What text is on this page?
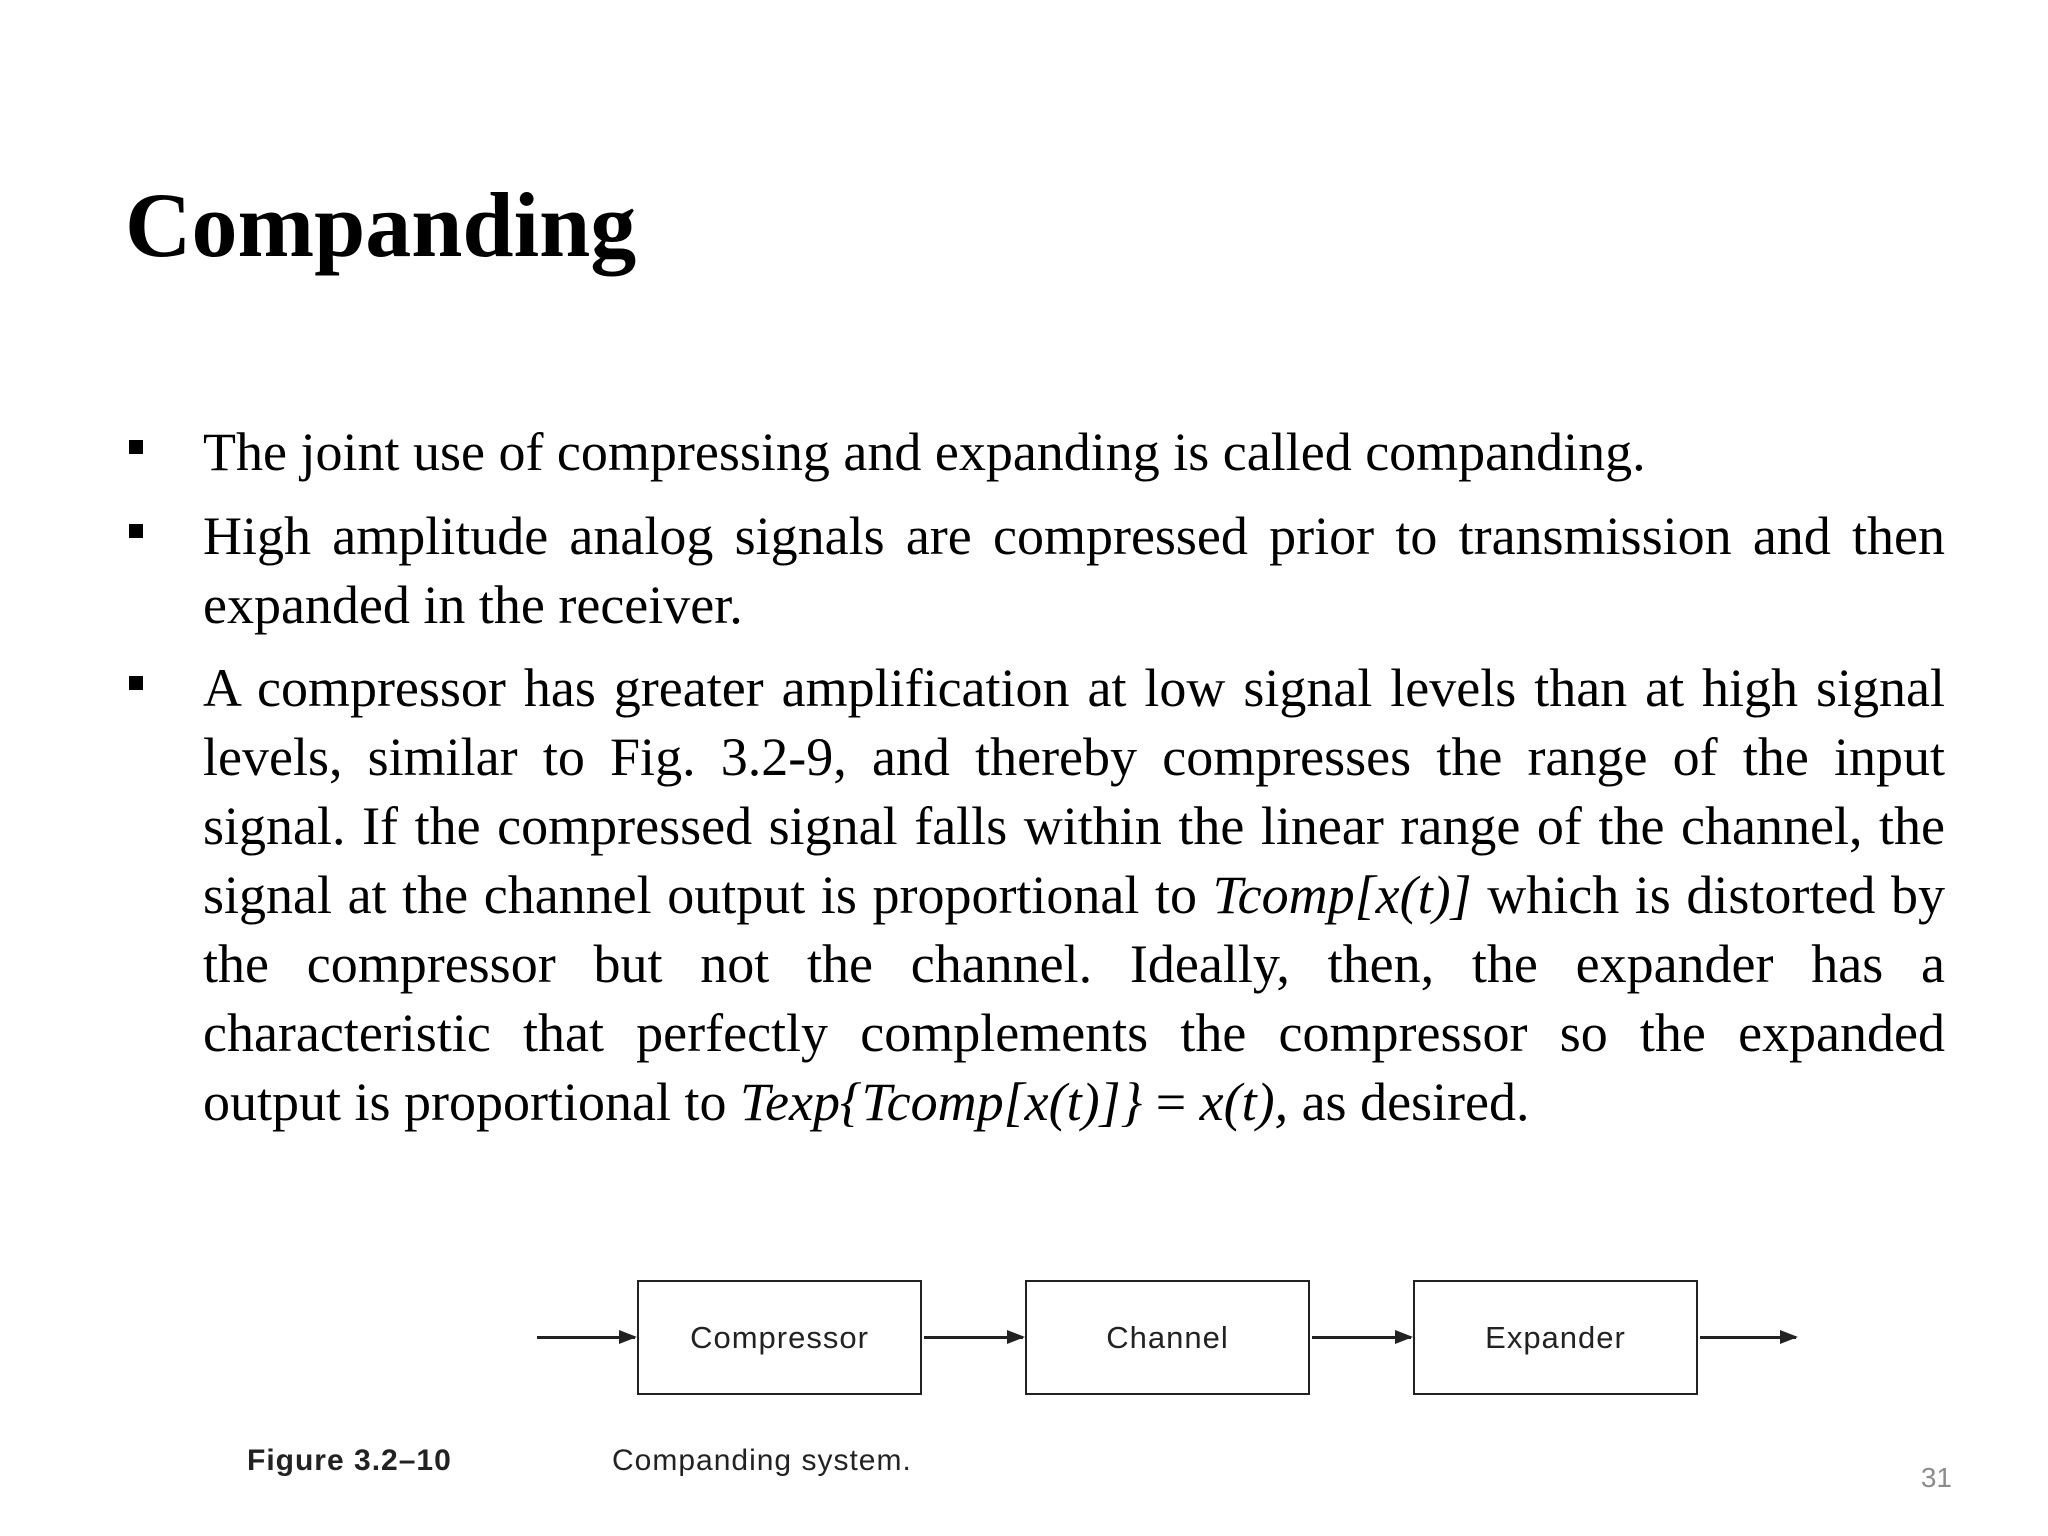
Companding
The joint use of compressing and expanding is called companding.
High amplitude analog signals are compressed prior to transmission and then expanded in the receiver.
A compressor has greater amplification at low signal levels than at high signal levels, similar to Fig. 3.2-9, and thereby compresses the range of the input signal. If the compressed signal falls within the linear range of the channel, the signal at the channel output is proportional to Tcomp[x(t)] which is distorted by the compressor but not the channel. Ideally, then, the expander has a characteristic that perfectly complements the compressor so the expanded output is proportional to Texp{Tcomp[x(t)]} = x(t), as desired.
Compressor	Channel	Expander
Figure 3.2–10	Companding system.
31
